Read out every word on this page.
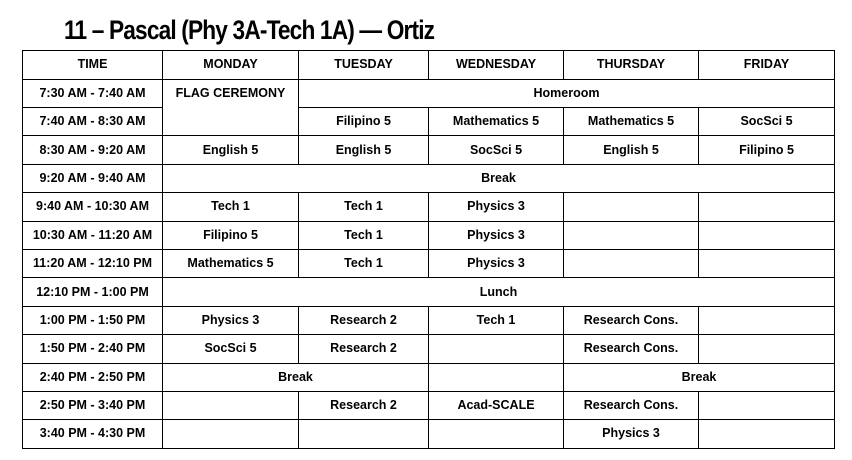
11 – Pascal (Phy 3A-Tech 1A) — Ortiz
TIME	MONDAY	TUESDAY	WEDNESDAY	THURSDAY	FRIDAY
7:30 AM - 7:40 AM	FLAG CEREMONY	Homeroom			
7:40 AM - 8:30 AM		Filipino 5	Mathematics 5	Mathematics 5	SocSci 5
8:30 AM - 9:20 AM	English 5	English 5	SocSci 5	English 5	Filipino 5
9:20 AM - 9:40 AM	Break				
9:40 AM - 10:30 AM	Tech 1	Tech 1	Physics 3		
10:30 AM - 11:20 AM	Filipino 5	Tech 1	Physics 3		
11:20 AM - 12:10 PM	Mathematics 5	Tech 1	Physics 3		
12:10 PM - 1:00 PM	Lunch				
1:00 PM - 1:50 PM	Physics 3	Research 2	Tech 1	Research Cons.	
1:50 PM - 2:40 PM	SocSci 5	Research 2		Research Cons.	
2:40 PM - 2:50 PM	Break			Break	
2:50 PM - 3:40 PM		Research 2	Acad-SCALE	Research Cons.	
3:40 PM - 4:30 PM				Physics 3	
